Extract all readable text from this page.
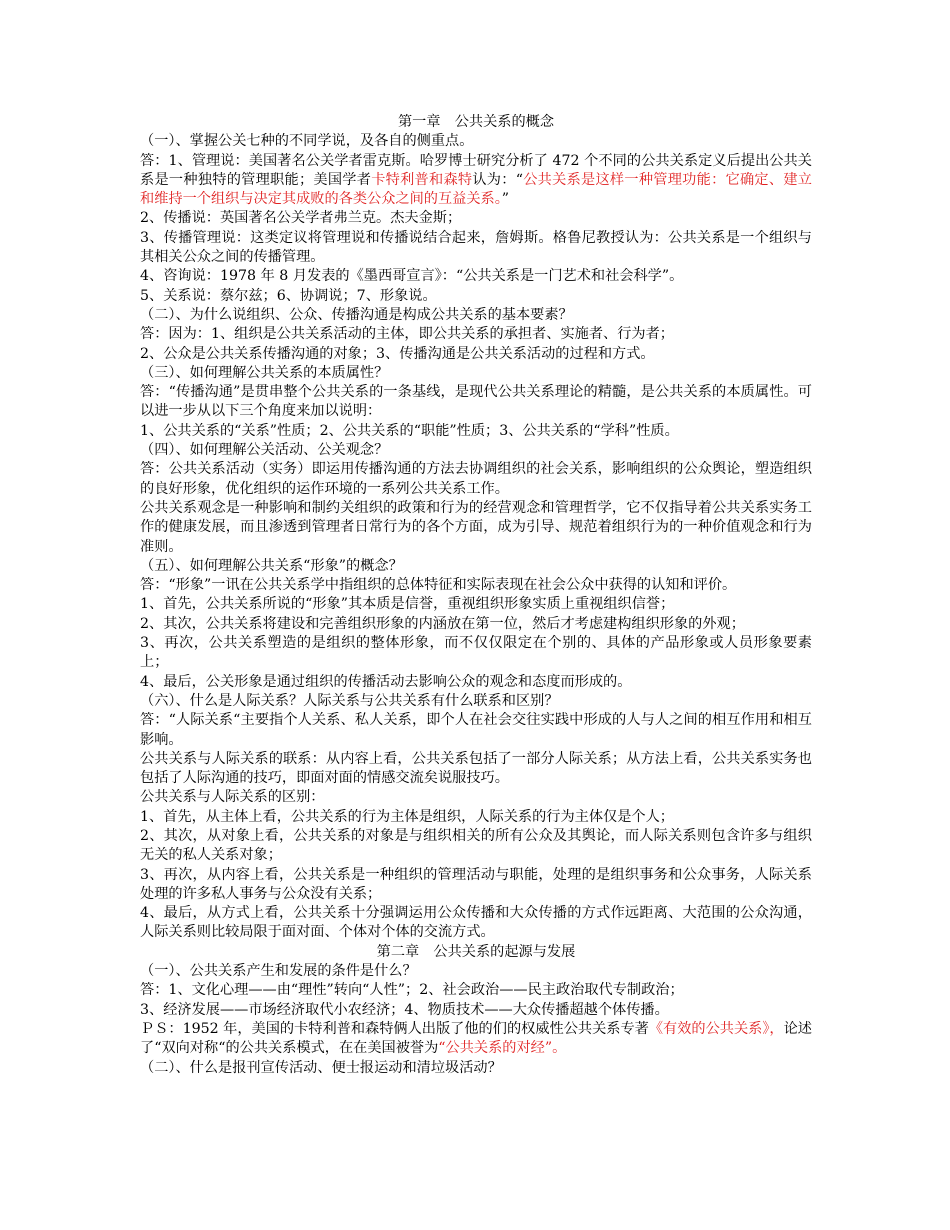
第一章　公共关系的概念

（一）、掌握公关七种的不同学说，及各自的侧重点。

答：1、管理说：美国著名公关学者雷克斯。哈罗博士研究分析了 472 个不同的公共关系定义后提出公共关系是一种独特的管理职能；美国学者卡特利普和森特认为：“公共关系是这样一种管理功能：它确定、建立和维持一个组织与决定其成败的各类公众之间的互益关系。”

2、传播说：英国著名公关学者弗兰克。杰夫金斯；

3、传播管理说：这类定议将管理说和传播说结合起来，詹姆斯。格鲁尼教授认为：公共关系是一个组织与其相关公众之间的传播管理。

4、咨询说：1978 年 8 月发表的《墨西哥宣言》：“公共关系是一门艺术和社会科学”。

5、关系说：蔡尔兹；6、协调说；7、形象说。

（二）、为什么说组织、公众、传播沟通是构成公共关系的基本要素？

答：因为：1、组织是公共关系活动的主体，即公共关系的承担者、实施者、行为者；

2、公众是公共关系传播沟通的对象；3、传播沟通是公共关系活动的过程和方式。

（三）、如何理解公共关系的本质属性？

答：“传播沟通”是贯串整个公共关系的一条基线，是现代公共关系理论的精髓，是公共关系的本质属性。可以进一步从以下三个角度来加以说明：

1、公共关系的“关系”性质；2、公共关系的“职能”性质；3、公共关系的“学科”性质。

（四）、如何理解公关活动、公关观念？

答：公共关系活动（实务）即运用传播沟通的方法去协调组织的社会关系，影响组织的公众舆论，塑造组织的良好形象，优化组织的运作环境的一系列公共关系工作。

公共关系观念是一种影响和制约关组织的政策和行为的经营观念和管理哲学，它不仅指导着公共关系实务工作的健康发展，而且渗透到管理者日常行为的各个方面，成为引导、规范着组织行为的一种价值观念和行为准则。

（五）、如何理解公共关系“形象”的概念？

答：“形象”一讯在公共关系学中指组织的总体特征和实际表现在社会公众中获得的认知和评价。

1、首先，公共关系所说的“形象”其本质是信誉，重视组织形象实质上重视组织信誉；

2、其次，公共关系将建设和完善组织形象的内涵放在第一位，然后才考虑建构组织形象的外观；

3、再次，公共关系塑造的是组织的整体形象，而不仅仅限定在个别的、具体的产品形象或人员形象要素上；

4、最后，公关形象是通过组织的传播活动去影响公众的观念和态度而形成的。

（六）、什么是人际关系？人际关系与公共关系有什么联系和区别？

答：“人际关系“主要指个人关系、私人关系，即个人在社会交往实践中形成的人与人之间的相互作用和相互影响。

公共关系与人际关系的联系：从内容上看，公共关系包括了一部分人际关系；从方法上看，公共关系实务也包括了人际沟通的技巧，即面对面的情感交流矣说服技巧。

公共关系与人际关系的区别：

1、首先，从主体上看，公共关系的行为主体是组织，人际关系的行为主体仅是个人；

2、其次，从对象上看，公共关系的对象是与组织相关的所有公众及其舆论，而人际关系则包含许多与组织无关的私人关系对象；

3、再次，从内容上看，公共关系是一种组织的管理活动与职能，处理的是组织事务和公众事务，人际关系处理的许多私人事务与公众没有关系；

4、最后，从方式上看，公共关系十分强调运用公众传播和大众传播的方式作远距离、大范围的公众沟通，人际关系则比较局限于面对面、个体对个体的交流方式。

第二章　公共关系的起源与发展

（一）、公共关系产生和发展的条件是什么？

答：1、文化心理——由“理性”转向“人性”；2、社会政治——民主政治取代专制政治；

3、经济发展——市场经济取代小农经济；4、物质技术——大众传播超越个体传播。

ＰＳ：1952 年，美国的卡特利普和森特俩人出版了他的们的权威性公共关系专著《有效的公共关系》，论述了“双向对称“的公共关系模式，在在美国被誉为“公共关系的对经”。

（二）、什么是报刊宣传活动、便士报运动和清垃圾活动？
